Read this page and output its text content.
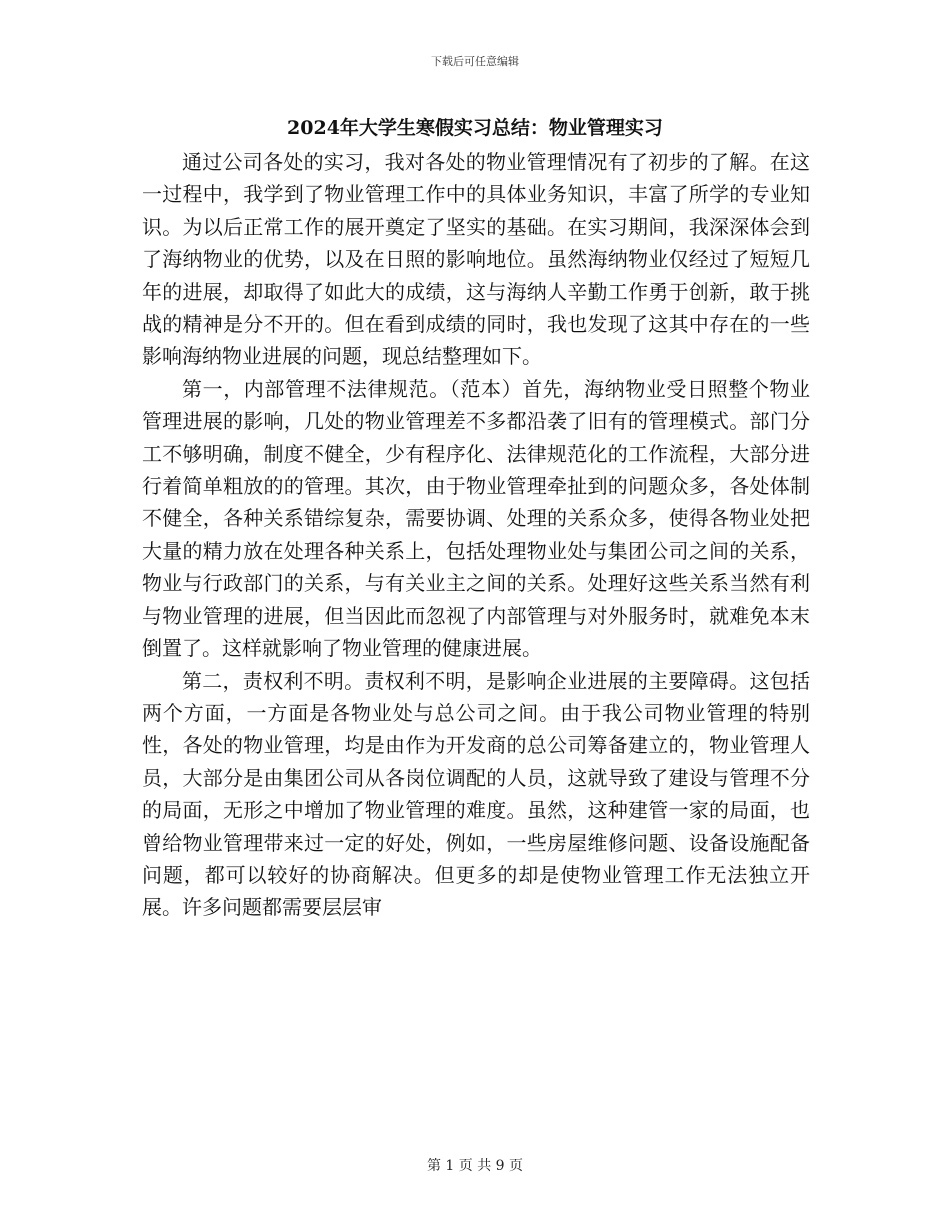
下载后可任意编辑
2024年大学生寒假实习总结：物业管理实习

通过公司各处的实习，我对各处的物业管理情况有了初步的了解。在这一过程中，我学到了物业管理工作中的具体业务知识，丰富了所学的专业知识。为以后正常工作的展开奠定了坚实的基础。在实习期间，我深深体会到了海纳物业的优势，以及在日照的影响地位。虽然海纳物业仅经过了短短几年的进展，却取得了如此大的成绩，这与海纳人辛勤工作勇于创新，敢于挑战的精神是分不开的。但在看到成绩的同时，我也发现了这其中存在的一些影响海纳物业进展的问题，现总结整理如下。

第一，内部管理不法律规范。（范本）首先，海纳物业受日照整个物业管理进展的影响，几处的物业管理差不多都沿袭了旧有的管理模式。部门分工不够明确，制度不健全，少有程序化、法律规范化的工作流程，大部分进行着简单粗放的的管理。其次，由于物业管理牵扯到的问题众多，各处体制不健全，各种关系错综复杂，需要协调、处理的关系众多，使得各物业处把大量的精力放在处理各种关系上，包括处理物业处与集团公司之间的关系，物业与行政部门的关系，与有关业主之间的关系。处理好这些关系当然有利与物业管理的进展，但当因此而忽视了内部管理与对外服务时，就难免本末倒置了。这样就影响了物业管理的健康进展。

第二，责权利不明。责权利不明，是影响企业进展的主要障碍。这包括两个方面，一方面是各物业处与总公司之间。由于我公司物业管理的特别性，各处的物业管理，均是由作为开发商的总公司筹备建立的，物业管理人员，大部分是由集团公司从各岗位调配的人员，这就导致了建设与管理不分的局面，无形之中增加了物业管理的难度。虽然，这种建管一家的局面，也曾给物业管理带来过一定的好处，例如，一些房屋维修问题、设备设施配备问题，都可以较好的协商解决。但更多的却是使物业管理工作无法独立开展。许多问题都需要层层审

第 1 页 共 9 页
